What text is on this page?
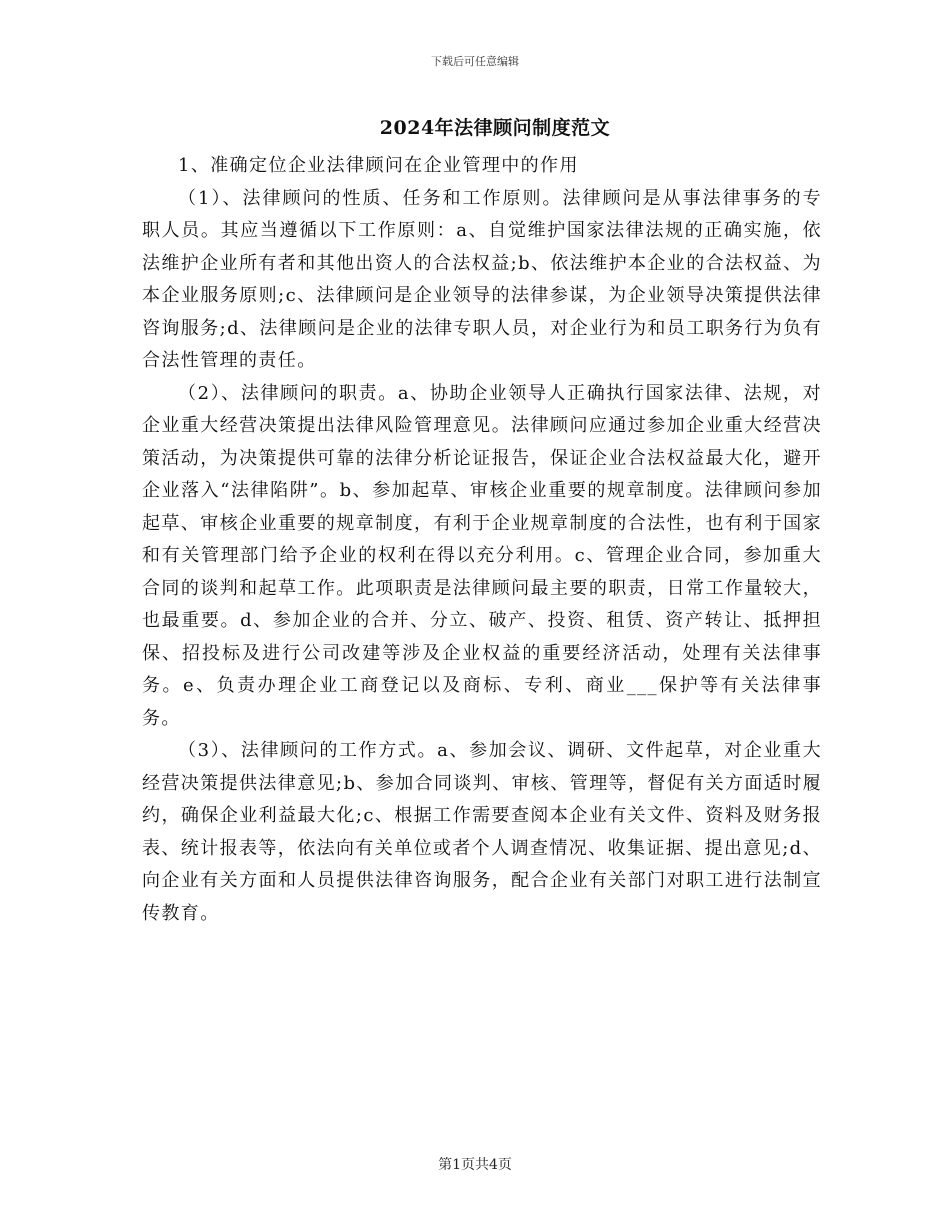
下载后可任意编辑
2024年法律顾问制度范文

1、准确定位企业法律顾问在企业管理中的作用

（1）、法律顾问的性质、任务和工作原则。法律顾问是从事法律事务的专职人员。其应当遵循以下工作原则：a、自觉维护国家法律法规的正确实施，依法维护企业所有者和其他出资人的合法权益;b、依法维护本企业的合法权益、为本企业服务原则;c、法律顾问是企业领导的法律参谋，为企业领导决策提供法律咨询服务;d、法律顾问是企业的法律专职人员，对企业行为和员工职务行为负有合法性管理的责任。

（2）、法律顾问的职责。a、协助企业领导人正确执行国家法律、法规，对企业重大经营决策提出法律风险管理意见。法律顾问应通过参加企业重大经营决策活动，为决策提供可靠的法律分析论证报告，保证企业合法权益最大化，避开企业落入“法律陷阱”。b、参加起草、审核企业重要的规章制度。法律顾问参加起草、审核企业重要的规章制度，有利于企业规章制度的合法性，也有利于国家和有关管理部门给予企业的权利在得以充分利用。c、管理企业合同，参加重大合同的谈判和起草工作。此项职责是法律顾问最主要的职责，日常工作量较大，也最重要。d、参加企业的合并、分立、破产、投资、租赁、资产转让、抵押担保、招投标及进行公司改建等涉及企业权益的重要经济活动，处理有关法律事务。e、负责办理企业工商登记以及商标、专利、商业___保护等有关法律事务。

（3）、法律顾问的工作方式。a、参加会议、调研、文件起草，对企业重大经营决策提供法律意见;b、参加合同谈判、审核、管理等，督促有关方面适时履约，确保企业利益最大化;c、根据工作需要查阅本企业有关文件、资料及财务报表、统计报表等，依法向有关单位或者个人调查情况、收集证据、提出意见;d、向企业有关方面和人员提供法律咨询服务，配合企业有关部门对职工进行法制宣传教育。

第1页共4页
